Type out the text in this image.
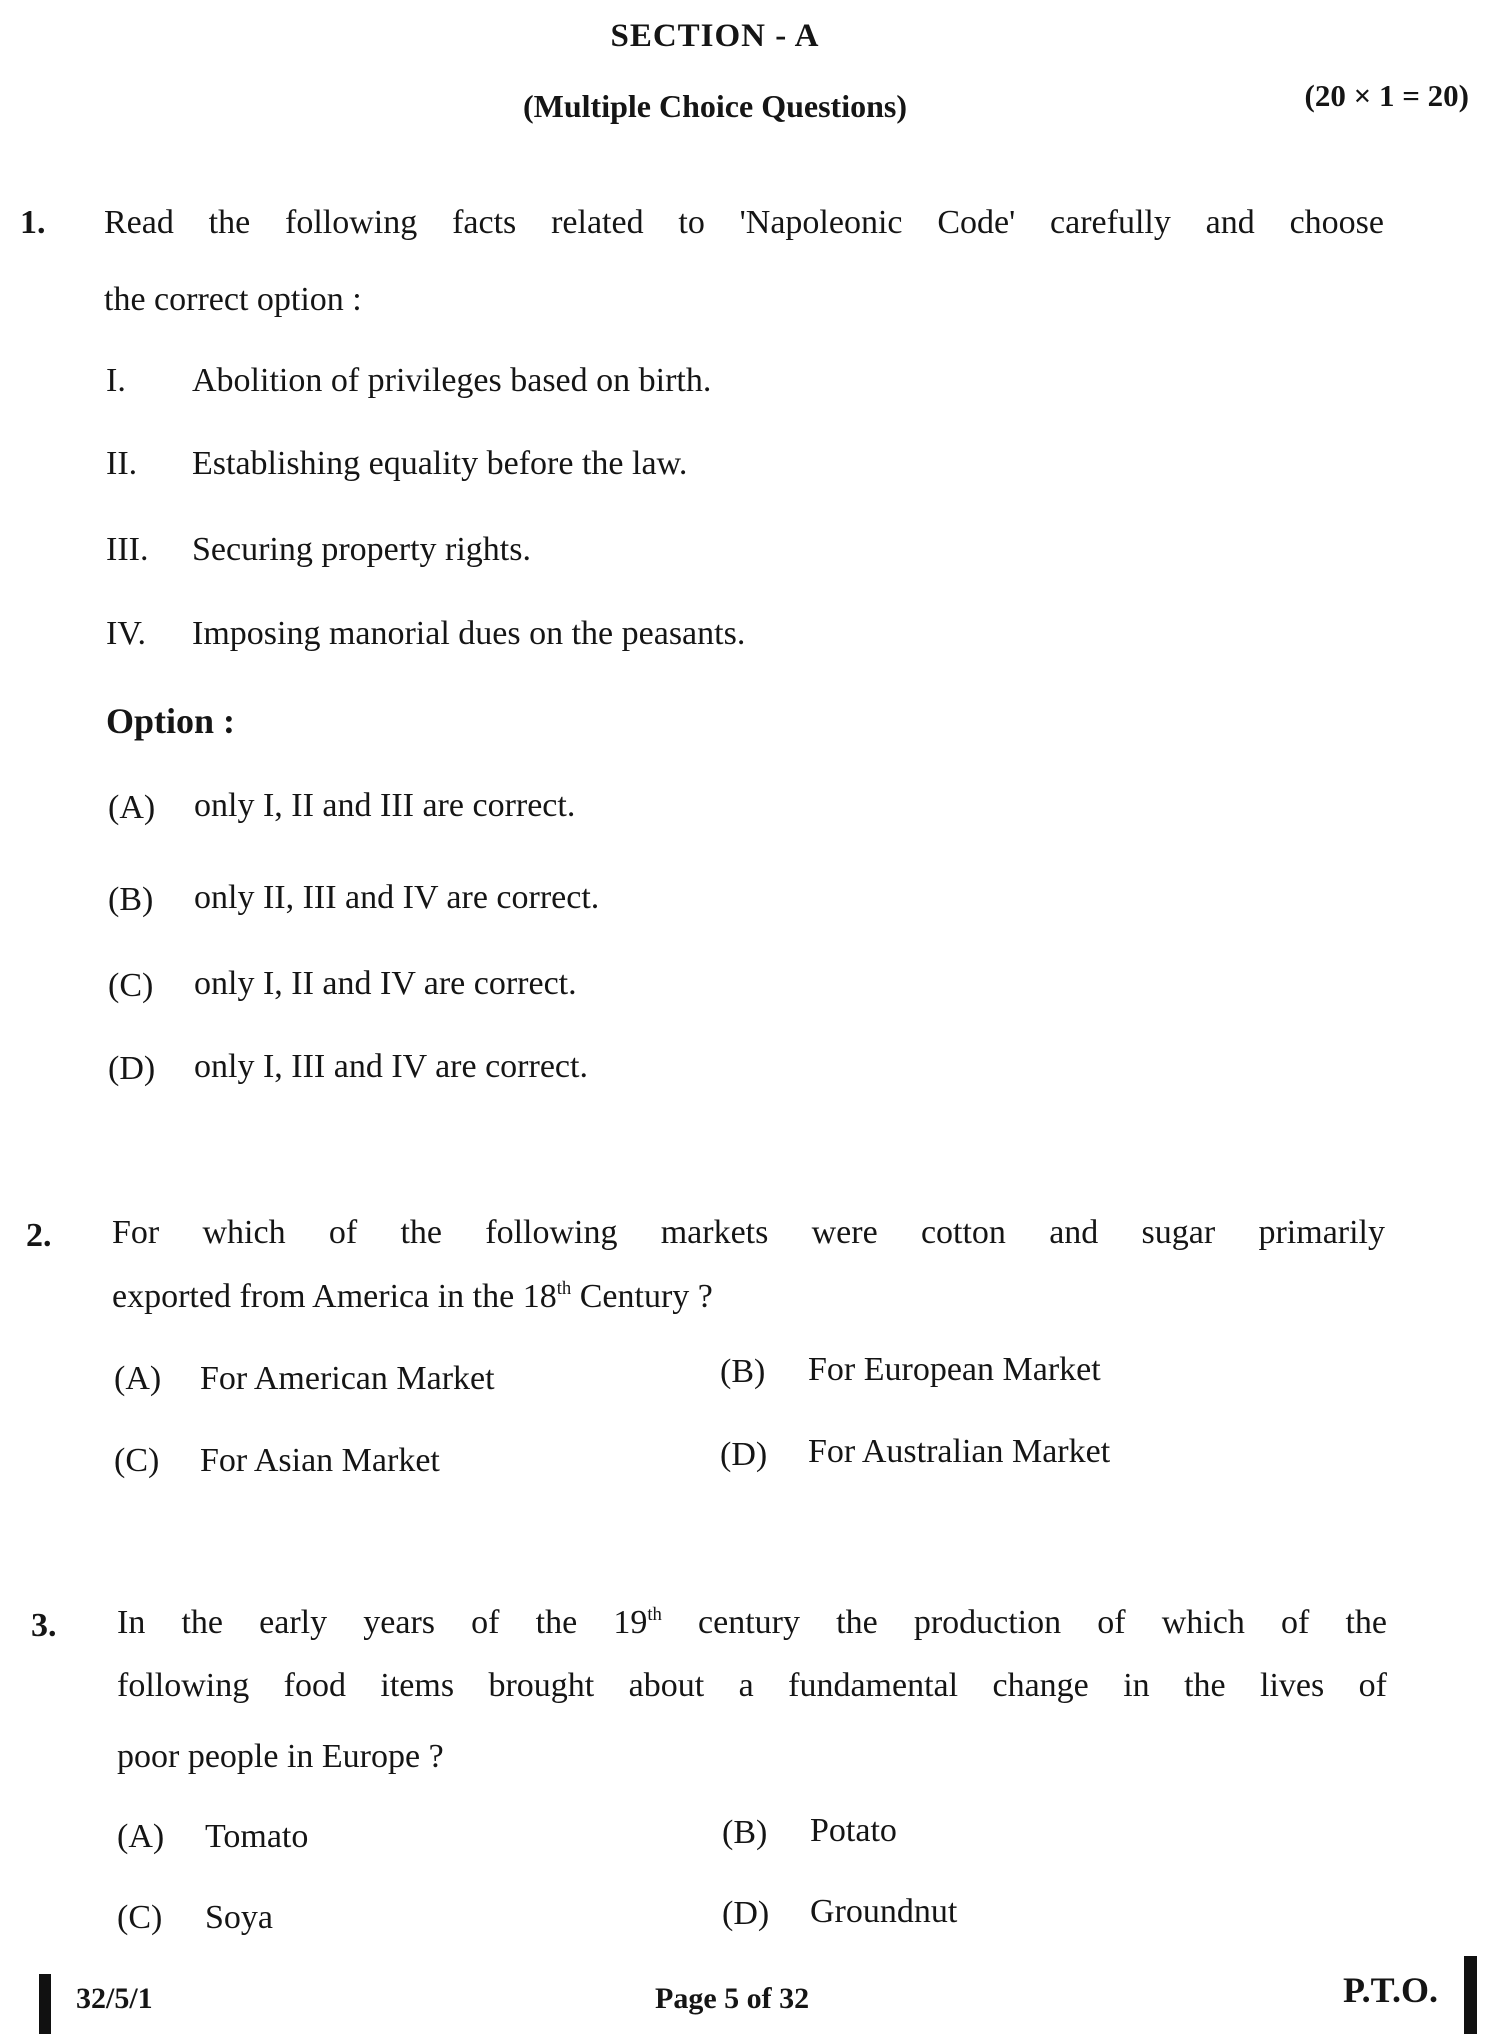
SECTION - A
(Multiple Choice Questions)	(20 × 1 = 20)
1. Read the following facts related to 'Napoleonic Code' carefully and choose
the correct option :
I. Abolition of privileges based on birth.
II. Establishing equality before the law.
III. Securing property rights.
IV. Imposing manorial dues on the peasants.
Option :
(A) only I, II and III are correct.
(B) only II, III and IV are correct.
(C) only I, II and IV are correct.
(D) only I, III and IV are correct.
2. For which of the following markets were cotton and sugar primarily
exported from America in the 18th Century ?
(A) For American Market	(B) For European Market
(C) For Asian Market	(D) For Australian Market
3. In the early years of the 19th century the production of which of the
following food items brought about a fundamental change in the lives of
poor people in Europe ?
(A) Tomato	(B) Potato
(C) Soya	(D) Groundnut
32/5/1	Page 5 of 32	P.T.O.
